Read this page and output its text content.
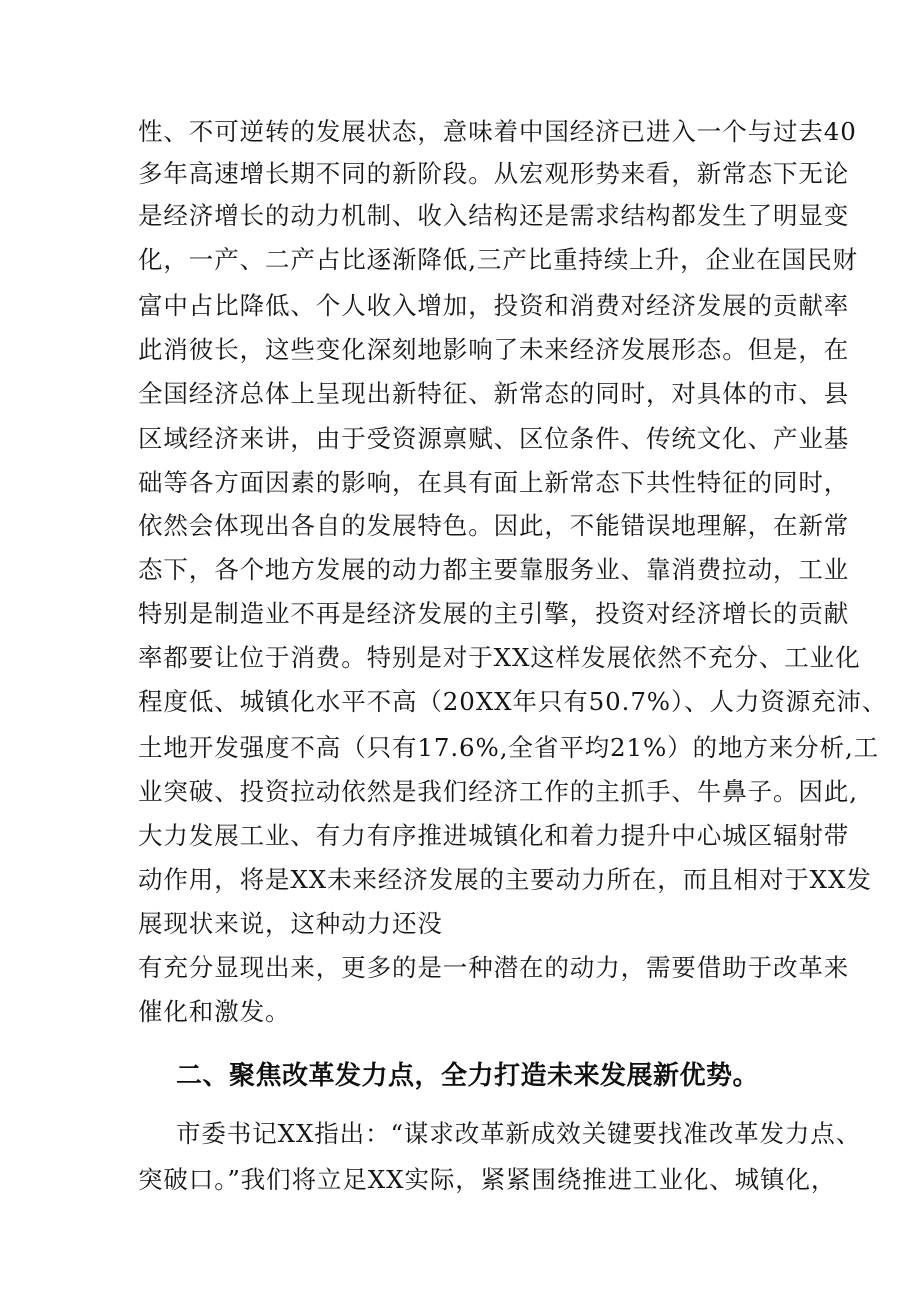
性、不可逆转的发展状态，意味着中国经济已进入一个与过去40
多年高速增长期不同的新阶段。从宏观形势来看，新常态下无论
是经济增长的动力机制、收入结构还是需求结构都发生了明显变
化，一产、二产占比逐渐降低,三产比重持续上升，企业在国民财
富中占比降低、个人收入增加，投资和消费对经济发展的贡献率
此消彼长，这些变化深刻地影响了未来经济发展形态。但是，在
全国经济总体上呈现出新特征、新常态的同时，对具体的市、县
区域经济来讲，由于受资源禀赋、区位条件、传统文化、产业基
础等各方面因素的影响，在具有面上新常态下共性特征的同时，
依然会体现出各自的发展特色。因此，不能错误地理解，在新常
态下，各个地方发展的动力都主要靠服务业、靠消费拉动，工业
特别是制造业不再是经济发展的主引擎，投资对经济增长的贡献
率都要让位于消费。特别是对于XX这样发展依然不充分、工业化
程度低、城镇化水平不高（20XX年只有50.7%）、人力资源充沛、
土地开发强度不高（只有17.6%,全省平均21%）的地方来分析,工
业突破、投资拉动依然是我们经济工作的主抓手、牛鼻子。因此,
大力发展工业、有力有序推进城镇化和着力提升中心城区辐射带
动作用，将是XX未来经济发展的主要动力所在，而且相对于XX发
展现状来说，这种动力还没
有充分显现出来，更多的是一种潜在的动力，需要借助于改革来
催化和激发。
二、聚焦改革发力点，全力打造未来发展新优势。
市委书记XX指出：“谋求改革新成效关键要找准改革发力点、
突破口。”我们将立足XX实际，紧紧围绕推进工业化、城镇化，
